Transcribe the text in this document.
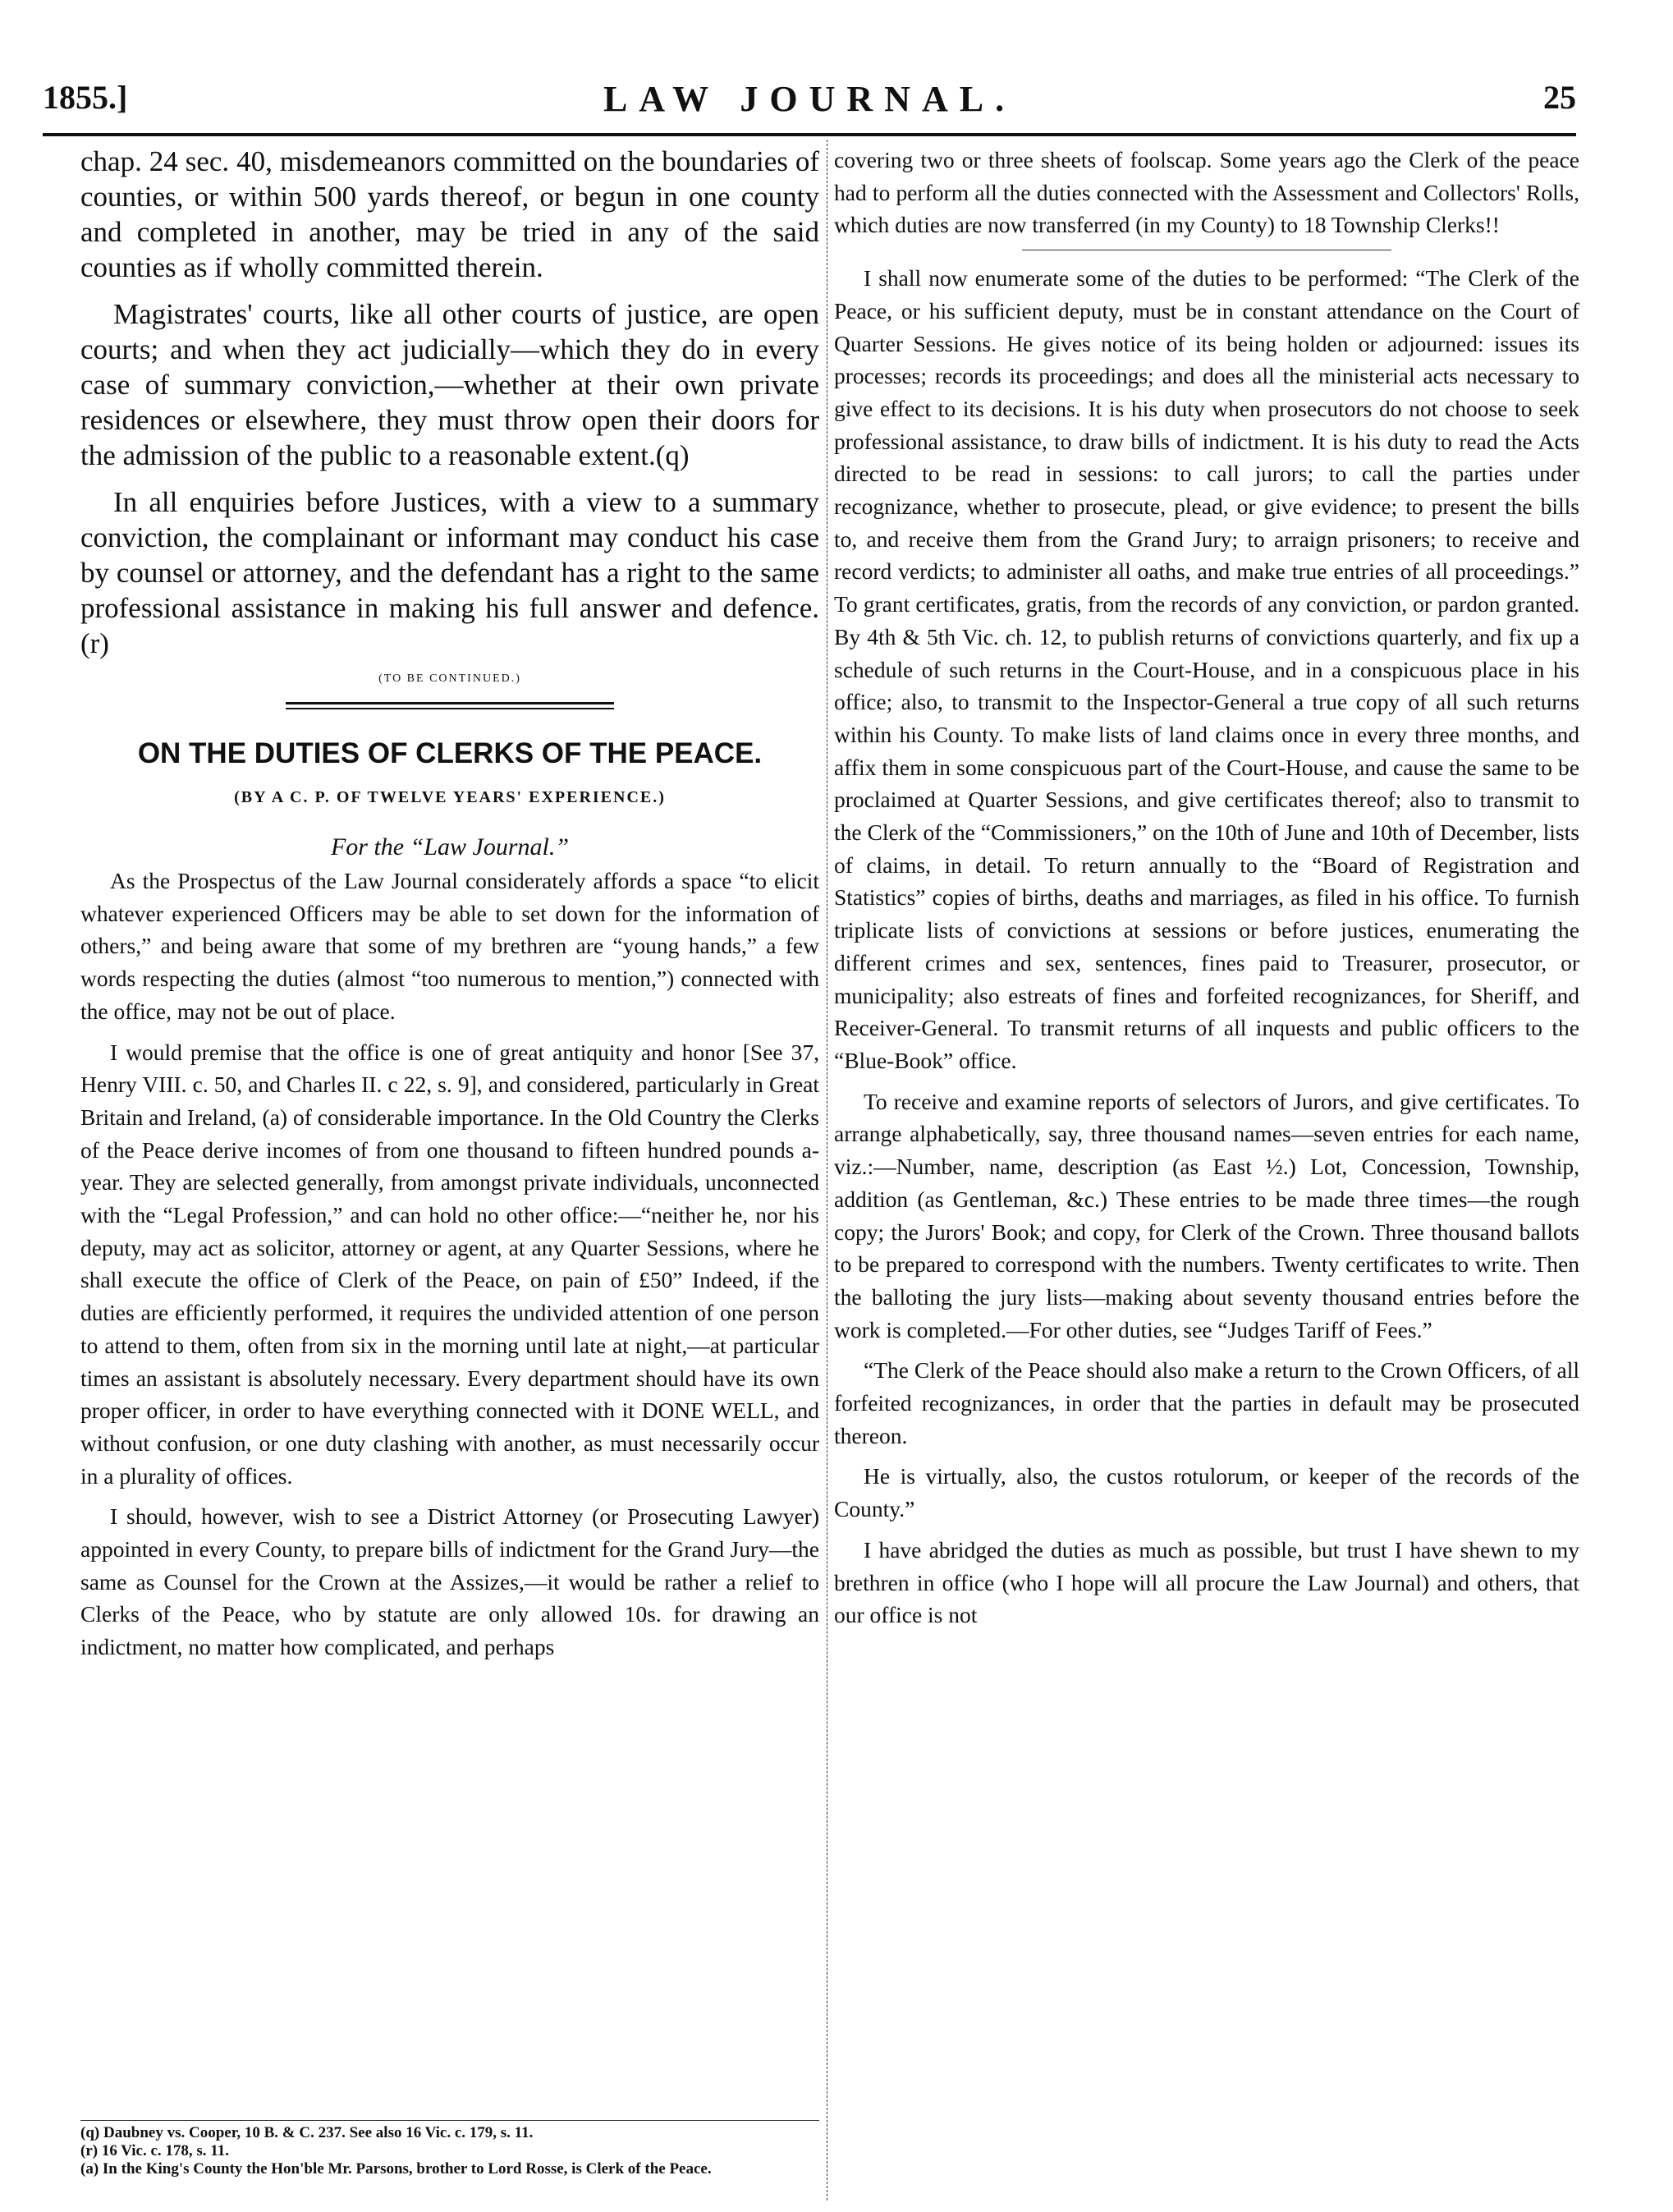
1855.]	LAW JOURNAL.	25

chap. 24 sec. 40, misdemeanors committed on the boundaries of counties, or within 500 yards thereof, or begun in one county and completed in another, may be tried in any of the said counties as if wholly committed therein.

Magistrates' courts, like all other courts of justice, are open courts; and when they act judicially—which they do in every case of summary conviction,—whether at their own private residences or elsewhere, they must throw open their doors for the admission of the public to a reasonable extent.(q)

In all enquiries before Justices, with a view to a summary conviction, the complainant or informant may conduct his case by counsel or attorney, and the defendant has a right to the same professional assistance in making his full answer and defence.(r)

(TO BE CONTINUED.)
ON THE DUTIES OF CLERKS OF THE PEACE.
(BY A C. P. OF TWELVE YEARS' EXPERIENCE.)
For the “Law Journal.”

As the Prospectus of the Law Journal considerately affords a space “to elicit whatever experienced Officers may be able to set down for the information of others,” and being aware that some of my brethren are “young hands,” a few words respecting the duties (almost “too numerous to mention,”) connected with the office, may not be out of place.

I would premise that the office is one of great antiquity and honor [See 37, Henry VIII. c. 50, and Charles II. c 22, s. 9], and considered, particularly in Great Britain and Ireland, (a) of considerable importance. In the Old Country the Clerks of the Peace derive incomes of from one thousand to fifteen hundred pounds a-year. They are selected generally, from amongst private individuals, unconnected with the “Legal Profession,” and can hold no other office:—“neither he, nor his deputy, may act as solicitor, attorney or agent, at any Quarter Sessions, where he shall execute the office of Clerk of the Peace, on pain of £50” Indeed, if the duties are efficiently performed, it requires the undivided attention of one person to attend to them, often from six in the morning until late at night,—at particular times an assistant is absolutely necessary. Every department should have its own proper officer, in order to have everything connected with it DONE WELL, and without confusion, or one duty clashing with another, as must necessarily occur in a plurality of offices.

I should, however, wish to see a District Attorney (or Prosecuting Lawyer) appointed in every County, to prepare bills of indictment for the Grand Jury—the same as Counsel for the Crown at the Assizes,—it would be rather a relief to Clerks of the Peace, who by statute are only allowed 10s. for drawing an indictment, no matter how complicated, and perhaps

(q) Daubney vs. Cooper, 10 B. & C. 237. See also 16 Vic. c. 179, s. 11.
(r) 16 Vic. c. 178, s. 11.
(a) In the King's County the Hon'ble Mr. Parsons, brother to Lord Rosse, is Clerk of the Peace.

covering two or three sheets of foolscap. Some years ago the Clerk of the peace had to perform all the duties connected with the Assessment and Collectors' Rolls, which duties are now transferred (in my County) to 18 Township Clerks!!

I shall now enumerate some of the duties to be performed: “The Clerk of the Peace, or his sufficient deputy, must be in constant attendance on the Court of Quarter Sessions. He gives notice of its being holden or adjourned: issues its processes; records its proceedings; and does all the ministerial acts necessary to give effect to its decisions. It is his duty when prosecutors do not choose to seek professional assistance, to draw bills of indictment. It is his duty to read the Acts directed to be read in sessions: to call jurors; to call the parties under recognizance, whether to prosecute, plead, or give evidence; to present the bills to, and receive them from the Grand Jury; to arraign prisoners; to receive and record verdicts; to administer all oaths, and make true entries of all proceedings.” To grant certificates, gratis, from the records of any conviction, or pardon granted. By 4th & 5th Vic. ch. 12, to publish returns of convictions quarterly, and fix up a schedule of such returns in the Court-House, and in a conspicuous place in his office; also, to transmit to the Inspector-General a true copy of all such returns within his County. To make lists of land claims once in every three months, and affix them in some conspicuous part of the Court-House, and cause the same to be proclaimed at Quarter Sessions, and give certificates thereof; also to transmit to the Clerk of the “Commissioners,” on the 10th of June and 10th of December, lists of claims, in detail. To return annually to the “Board of Registration and Statistics” copies of births, deaths and marriages, as filed in his office. To furnish triplicate lists of convictions at sessions or before justices, enumerating the different crimes and sex, sentences, fines paid to Treasurer, prosecutor, or municipality; also estreats of fines and forfeited recognizances, for Sheriff, and Receiver-General. To transmit returns of all inquests and public officers to the “Blue-Book” office.

To receive and examine reports of selectors of Jurors, and give certificates. To arrange alphabetically, say, three thousand names—seven entries for each name, viz.:—Number, name, description (as East ½.) Lot, Concession, Township, addition (as Gentleman, &c.) These entries to be made three times—the rough copy; the Jurors' Book; and copy, for Clerk of the Crown. Three thousand ballots to be prepared to correspond with the numbers. Twenty certificates to write. Then the balloting the jury lists—making about seventy thousand entries before the work is completed.—For other duties, see “Judges Tariff of Fees.”

“The Clerk of the Peace should also make a return to the Crown Officers, of all forfeited recognizances, in order that the parties in default may be prosecuted thereon.

He is virtually, also, the custos rotulorum, or keeper of the records of the County.”

I have abridged the duties as much as possible, but trust I have shewn to my brethren in office (who I hope will all procure the Law Journal) and others, that our office is not
